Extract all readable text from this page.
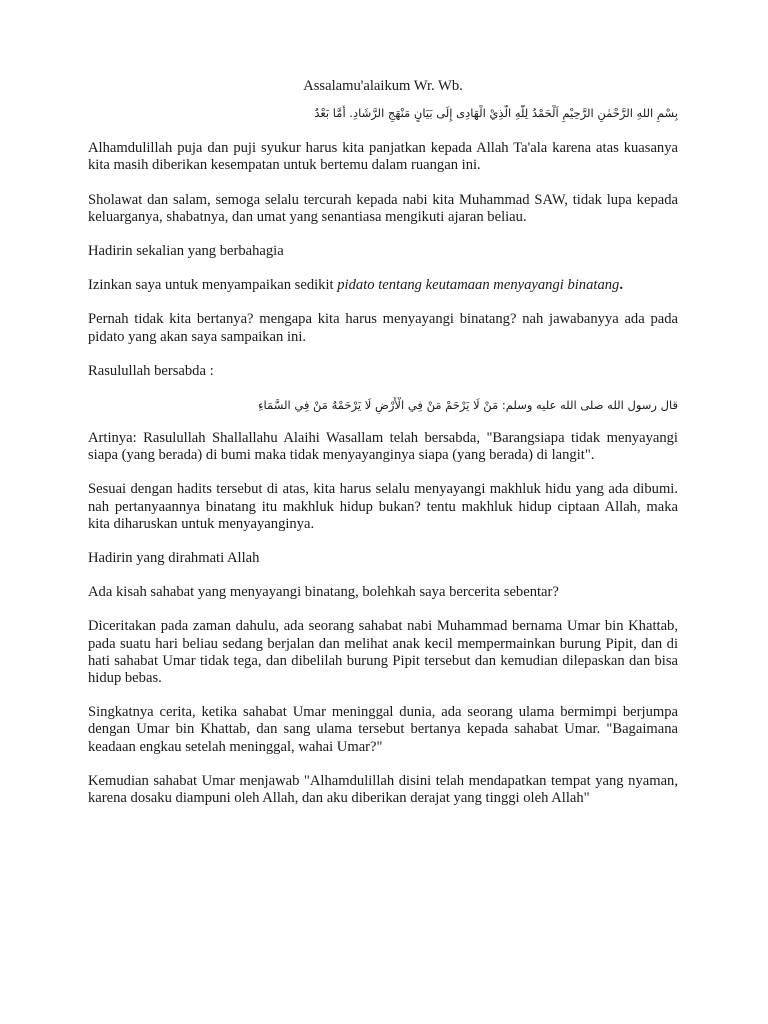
Assalamu'alaikum Wr. Wb.
بِسْمِ اللهِ الرَّحْمٰنِ الرَّحِيْمِ اَلْحَمْدُ لِلّٰهِ الَّذِيْ الْهَادِى إِلَى بَيَانٍ مَنْهَجِ الرَّشَادِ. أَمَّا بَعْدُ

Alhamdulillah puja dan puji syukur harus kita panjatkan kepada Allah Ta'ala karena atas kuasanya kita masih diberikan kesempatan untuk bertemu dalam ruangan ini.

Sholawat dan salam, semoga selalu tercurah kepada nabi kita Muhammad SAW, tidak lupa kepada keluarganya, shabatnya, dan umat yang senantiasa mengikuti ajaran beliau.

Hadirin sekalian yang berbahagia

Izinkan saya untuk menyampaikan sedikit pidato tentang keutamaan menyayangi binatang.

Pernah tidak kita bertanya? mengapa kita harus menyayangi binatang? nah jawabanyya ada pada pidato yang akan saya sampaikan ini.

Rasulullah bersabda :

قال رسول الله صلى الله عليه وسلم: مَنْ لَا يَرْحَمْ مَنْ فِي الْأَرْضِ لَا يَرْحَمْهُ مَنْ فِي السَّمَاءِ

Artinya: Rasulullah Shallallahu Alaihi Wasallam telah bersabda, "Barangsiapa tidak menyayangi siapa (yang berada) di bumi maka tidak menyayanginya siapa (yang berada) di langit".

Sesuai dengan hadits tersebut di atas, kita harus selalu menyayangi makhluk hidu yang ada dibumi. nah pertanyaannya binatang itu makhluk hidup bukan? tentu makhluk hidup ciptaan Allah, maka kita diharuskan untuk menyayanginya.

Hadirin yang dirahmati Allah

Ada kisah sahabat yang menyayangi binatang, bolehkah saya bercerita sebentar?

Diceritakan pada zaman dahulu, ada seorang sahabat nabi Muhammad bernama Umar bin Khattab, pada suatu hari beliau sedang berjalan dan melihat anak kecil mempermainkan burung Pipit, dan di hati sahabat Umar tidak tega, dan dibelilah burung Pipit tersebut dan kemudian dilepaskan dan bisa hidup bebas.

Singkatnya cerita, ketika sahabat Umar meninggal dunia, ada seorang ulama bermimpi berjumpa dengan Umar bin Khattab, dan sang ulama tersebut bertanya kepada sahabat Umar. "Bagaimana keadaan engkau setelah meninggal, wahai Umar?"

Kemudian sahabat Umar menjawab "Alhamdulillah disini telah mendapatkan tempat yang nyaman, karena dosaku diampuni oleh Allah, dan aku diberikan derajat yang tinggi oleh Allah"
